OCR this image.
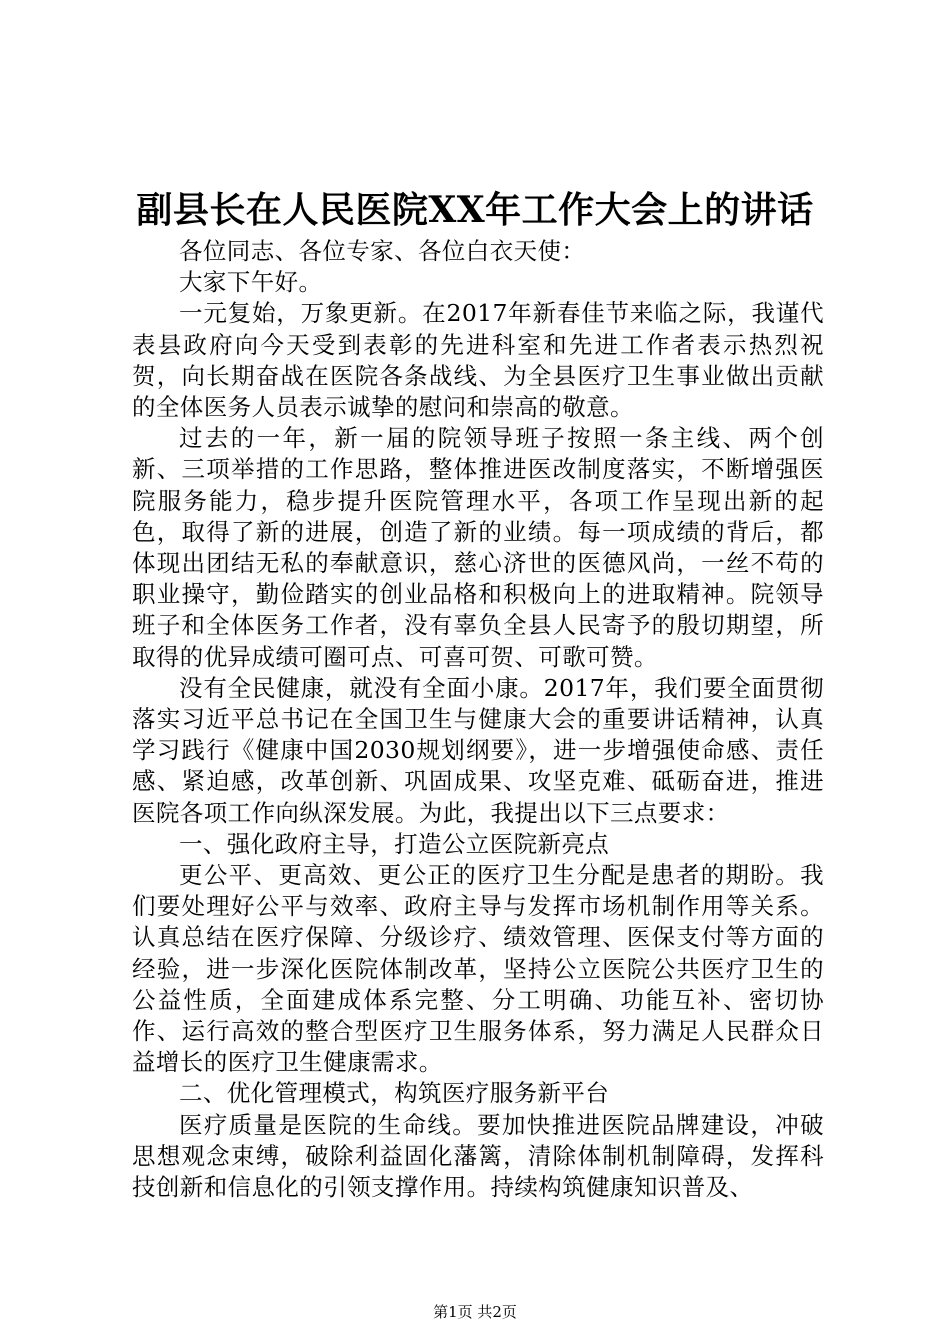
副县长在人民医院XX年工作大会上的讲话

各位同志、各位专家、各位白衣天使：

大家下午好。

一元复始，万象更新。在2017年新春佳节来临之际，我谨代表县政府向今天受到表彰的先进科室和先进工作者表示热烈祝贺，向长期奋战在医院各条战线、为全县医疗卫生事业做出贡献的全体医务人员表示诚挚的慰问和崇高的敬意。

过去的一年，新一届的院领导班子按照一条主线、两个创新、三项举措的工作思路，整体推进医改制度落实，不断增强医院服务能力，稳步提升医院管理水平，各项工作呈现出新的起色，取得了新的进展，创造了新的业绩。每一项成绩的背后，都体现出团结无私的奉献意识，慈心济世的医德风尚，一丝不苟的职业操守，勤俭踏实的创业品格和积极向上的进取精神。院领导班子和全体医务工作者，没有辜负全县人民寄予的殷切期望，所取得的优异成绩可圈可点、可喜可贺、可歌可赞。

没有全民健康，就没有全面小康。2017年，我们要全面贯彻落实习近平总书记在全国卫生与健康大会的重要讲话精神，认真学习践行《健康中国2030规划纲要》，进一步增强使命感、责任感、紧迫感，改革创新、巩固成果、攻坚克难、砥砺奋进，推进医院各项工作向纵深发展。为此，我提出以下三点要求：

一、强化政府主导，打造公立医院新亮点

更公平、更高效、更公正的医疗卫生分配是患者的期盼。我们要处理好公平与效率、政府主导与发挥市场机制作用等关系。认真总结在医疗保障、分级诊疗、绩效管理、医保支付等方面的经验，进一步深化医院体制改革，坚持公立医院公共医疗卫生的公益性质，全面建成体系完整、分工明确、功能互补、密切协作、运行高效的整合型医疗卫生服务体系，努力满足人民群众日益增长的医疗卫生健康需求。

二、优化管理模式，构筑医疗服务新平台

医疗质量是医院的生命线。要加快推进医院品牌建设，冲破思想观念束缚，破除利益固化藩篱，清除体制机制障碍，发挥科技创新和信息化的引领支撑作用。持续构筑健康知识普及、

第1页 共2页
